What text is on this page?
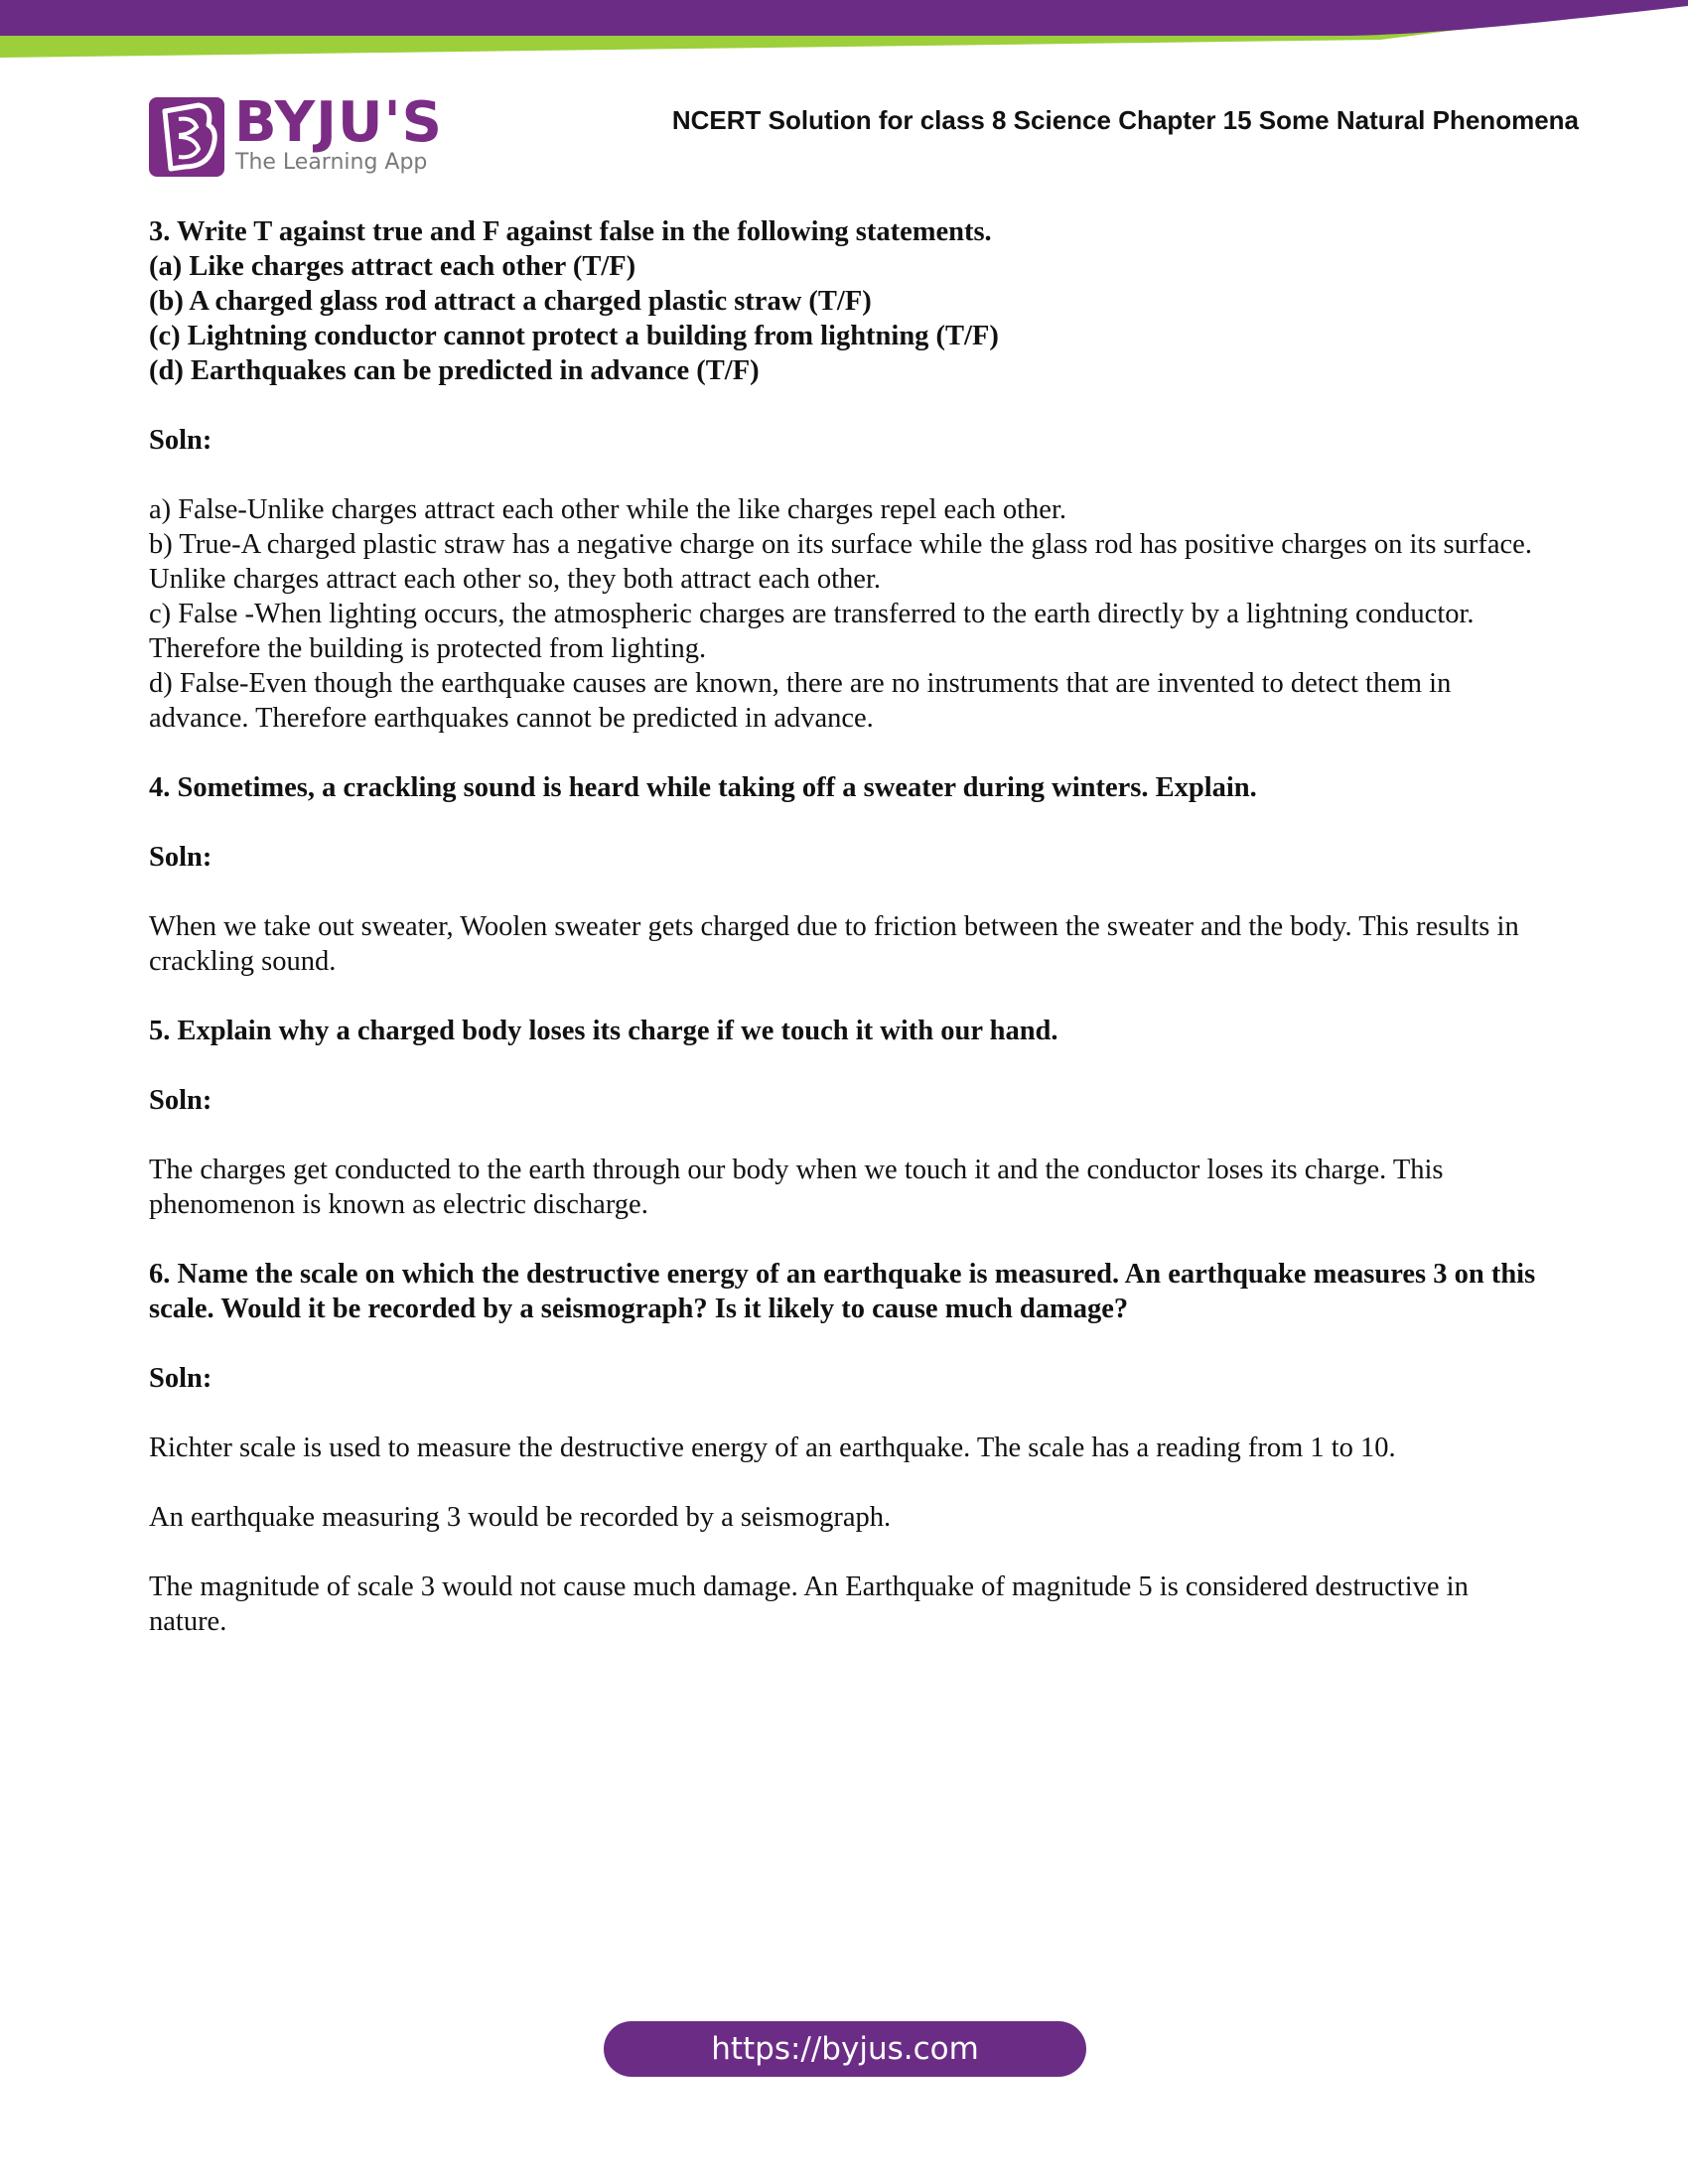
BYJU'S
The Learning App
NCERT Solution for class 8 Science Chapter 15 Some Natural Phenomena

3. Write T against true and F against false in the following statements.

(a) Like charges attract each other (T/F)

(b) A charged glass rod attract a charged plastic straw (T/F)

(c) Lightning conductor cannot protect a building from lightning (T/F)

(d) Earthquakes can be predicted in advance (T/F)

Soln:

a) False-Unlike charges attract each other while the like charges repel each other.

b) True-A charged plastic straw has a negative charge on its surface while the glass rod has positive charges on its surface. Unlike charges attract each other so, they both attract each other.

c) False -When lighting occurs, the atmospheric charges are transferred to the earth directly by a lightning conductor. Therefore the building is protected from lighting.

d) False-Even though the earthquake causes are known, there are no instruments that are invented to detect them in advance. Therefore earthquakes cannot be predicted in advance.

4. Sometimes, a crackling sound is heard while taking off a sweater during winters. Explain.

Soln:

When we take out sweater, Woolen sweater gets charged due to friction between the sweater and the body. This results in crackling sound.

5. Explain why a charged body loses its charge if we touch it with our hand.

Soln:

The charges get conducted to the earth through our body when we touch it and the conductor loses its charge. This phenomenon is known as electric discharge.

6. Name the scale on which the destructive energy of an earthquake is measured. An earthquake measures 3 on this scale. Would it be recorded by a seismograph? Is it likely to cause much damage?

Soln:

Richter scale is used to measure the destructive energy of an earthquake. The scale has a reading from 1 to 10.

An earthquake measuring 3 would be recorded by a seismograph.

The magnitude of scale 3 would not cause much damage. An Earthquake of magnitude 5 is considered destructive in nature.

https://byjus.com
